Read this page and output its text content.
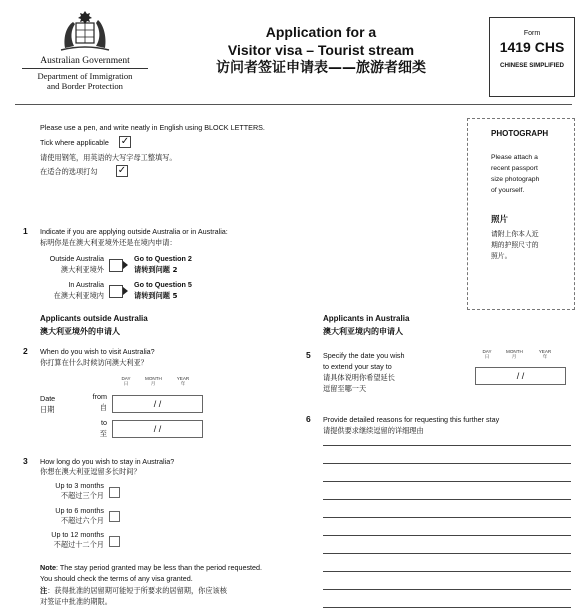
Australian Government
Department of Immigration
and Border Protection
Application for a
Visitor visa – Tourist stream
访问者签证申请表——旅游者细类
Form
1419 CHS
CHINESE SIMPLIFIED
Please use a pen, and write neatly in English using BLOCK LETTERS.
Tick where applicable ✓
请使用钢笔，用英语的大写字母工整填写。
在适合的选项打勾 ✓
PHOTOGRAPH
Please attach a
recent passport
size photograph
of yourself.
照片
请附上你本人近
期的护照尺寸的
照片。
1 Indicate if you are applying outside Australia or in Australia:
标明你是在澳大利亚境外还是在境内申请：
Outside Australia
澳大利亚境外
Go to Question 2
请转到问题 2
In Australia
在澳大利亚境内
Go to Question 5
请转到问题 5
Applicants outside Australia
澳大利亚境外的申请人
Applicants in Australia
澳大利亚境内的申请人
2 When do you wish to visit Australia?
你打算在什么时候访问澳大利亚？
DAY
日
MONTH
月
YEAR
年
Date
日期
from
自	/ /
to
至	/ /
3 How long do you wish to stay in Australia?
你想在澳大利亚逗留多长时间？
Up to 3 months
不超过三个月
Up to 6 months
不超过六个月
Up to 12 months
不超过十二个月
Note: The stay period granted may be less than the period requested.
You should check the terms of any visa granted.
注：获得批准的居留期可能短于所要求的居留期，你应该核
对签证中批准的期限。
5 Specify the date you wish
to extend your stay to
请具体说明你希望延长
逗留至哪一天
DAY
日
MONTH
月
YEAR
年
/ /
6 Provide detailed reasons for requesting this further stay
请提供要求继续逗留的详细理由
